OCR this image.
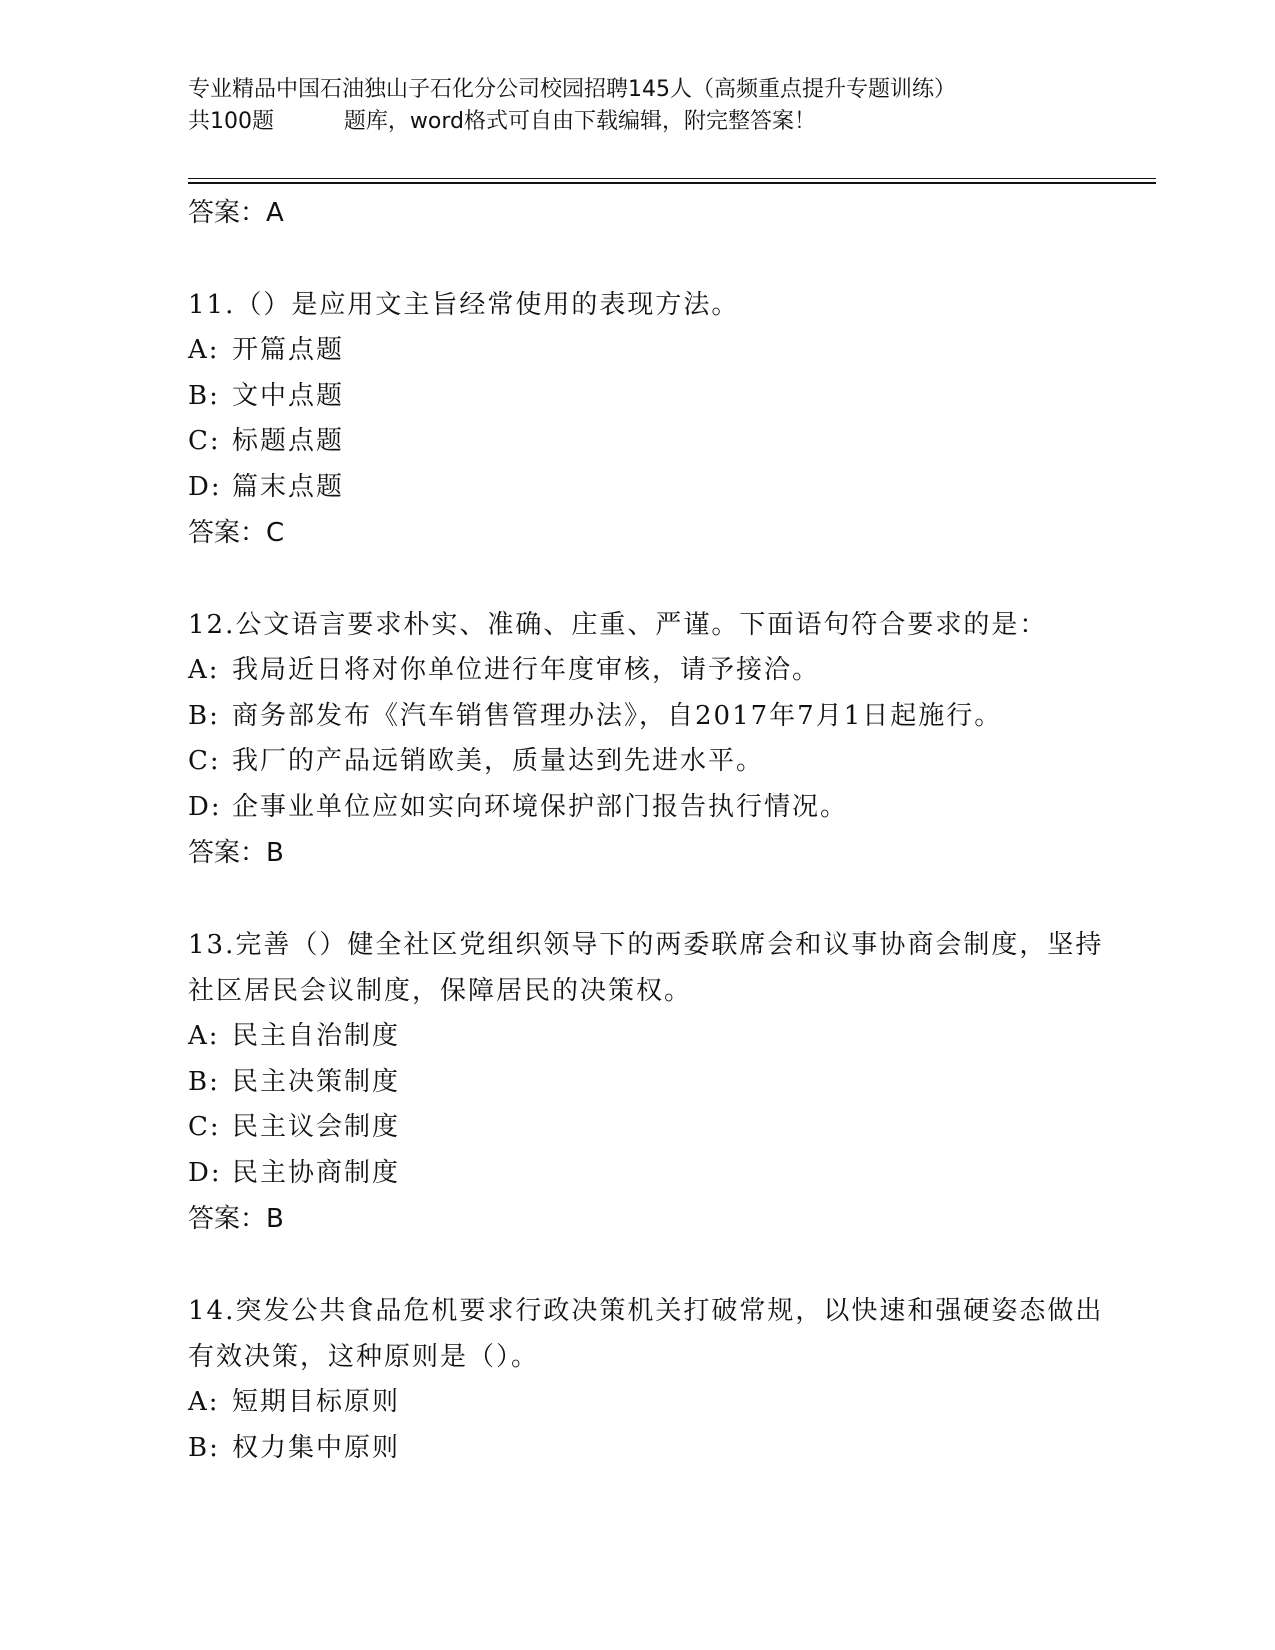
专业精品中国石油独山子石化分公司校园招聘145人（高频重点提升专题训练）
共100题          题库，word格式可自由下载编辑，附完整答案！
答案：A
11.（）是应用文主旨经常使用的表现方法。
A: 开篇点题
B: 文中点题
C: 标题点题
D: 篇末点题
答案：C
12.公文语言要求朴实、准确、庄重、严谨。下面语句符合要求的是：
A: 我局近日将对你单位进行年度审核，请予接洽。
B: 商务部发布《汽车销售管理办法》，自2017年7月1日起施行。
C: 我厂的产品远销欧美，质量达到先进水平。
D: 企事业单位应如实向环境保护部门报告执行情况。
答案：B
13.完善（）健全社区党组织领导下的两委联席会和议事协商会制度，坚持社区居民会议制度，保障居民的决策权。
A: 民主自治制度
B: 民主决策制度
C: 民主议会制度
D: 民主协商制度
答案：B
14.突发公共食品危机要求行政决策机关打破常规，以快速和强硬姿态做出有效决策，这种原则是（）。
A: 短期目标原则
B: 权力集中原则
